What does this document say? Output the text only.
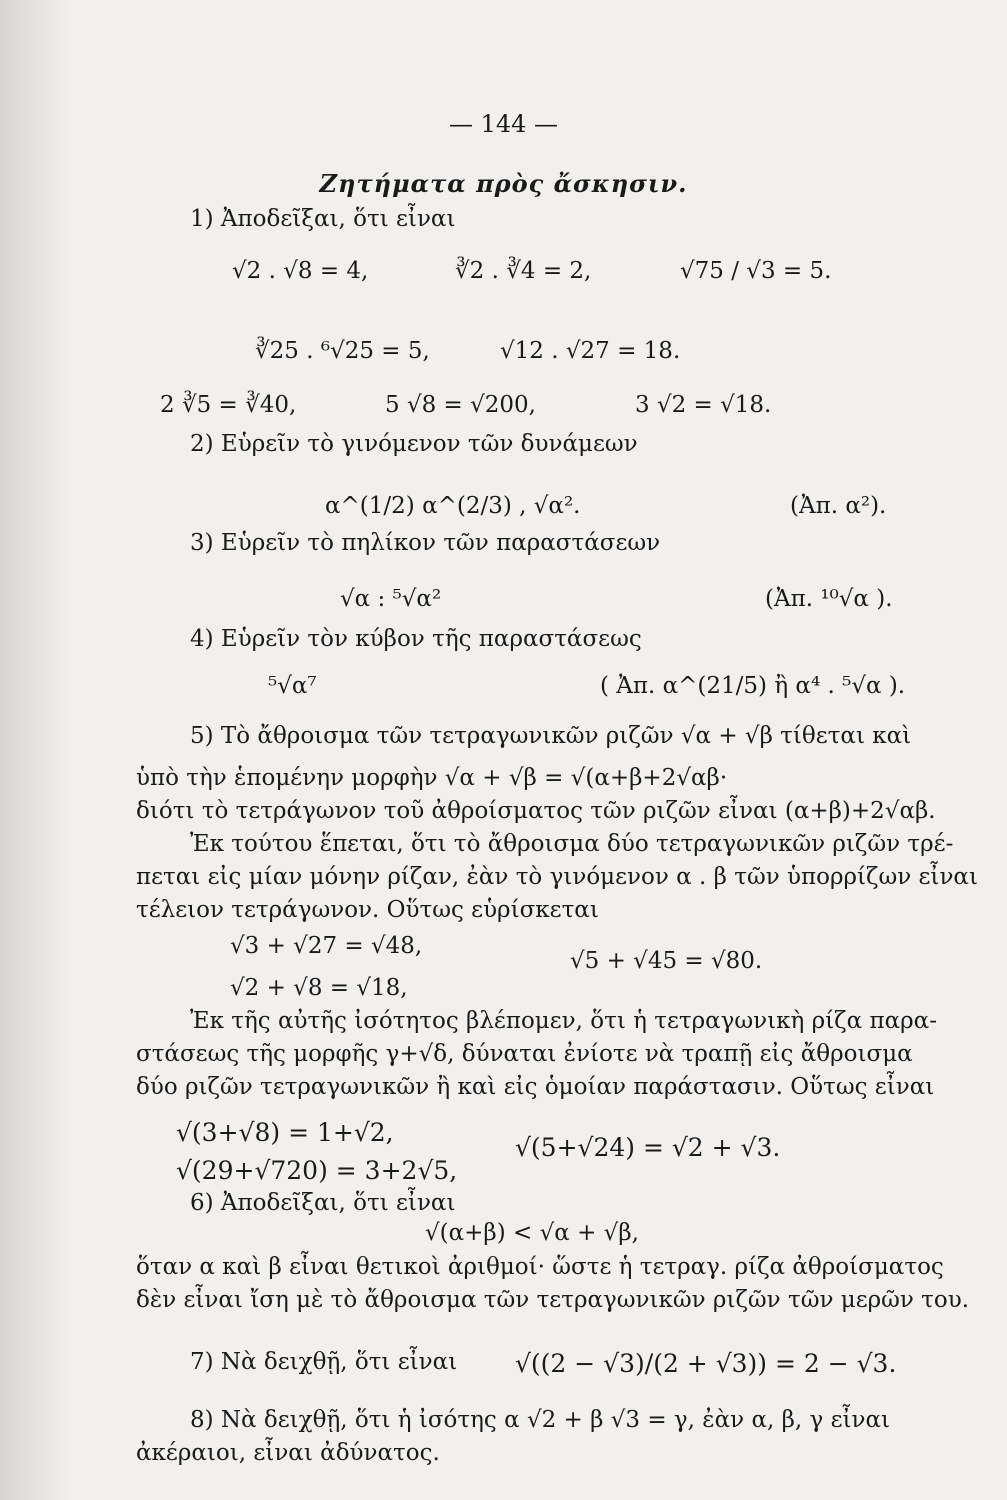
— 144 —
Ζητήματα πρὸς ἄσκησιν.
1) Ἀποδεῖξαι, ὅτι εἶναι
√2 . √8 = 4,	∛2 . ∛4 = 2,	√75 / √3 = 5.
∛25 . ⁶√25 = 5,	√12 . √27 = 18.
2 ∛5 = ∛40,	5 √8 = √200,	3 √2 = √18.
2) Εὑρεῖν τὸ γινόμενον τῶν δυνάμεων
α^(1/2) α^(2/3) , √α².	(Ἀπ. α²).
3) Εὑρεῖν τὸ πηλίκον τῶν παραστάσεων
√α : ⁵√α²	(Ἀπ. ¹⁰√α ).
4) Εὑρεῖν τὸν κύβον τῆς παραστάσεως
⁵√α⁷	( Ἀπ. α^(21/5) ἢ α⁴ . ⁵√α ).
5) Τὸ ἄθροισμα τῶν τετραγωνικῶν ριζῶν √α + √β τίθεται καὶ
ὑπὸ τὴν ἑπομένην μορφὴν √α + √β = √(α+β+2√αβ·
διότι τὸ τετράγωνον τοῦ ἀθροίσματος τῶν ριζῶν εἶναι (α+β)+2√αβ.
Ἐκ τούτου ἕπεται, ὅτι τὸ ἄθροισμα δύο τετραγωνικῶν ριζῶν τρέ-
πεται εἰς μίαν μόνην ρίζαν, ἐὰν τὸ γινόμενον α . β τῶν ὑπορρίζων εἶναι
τέλειον τετράγωνον. Οὕτως εὑρίσκεται
√3 + √27 = √48,
√5 + √45 = √80.
√2 + √8 = √18,
Ἐκ τῆς αὐτῆς ἰσότητος βλέπομεν, ὅτι ἡ τετραγωνικὴ ρίζα παρα-
στάσεως τῆς μορφῆς γ+√δ, δύναται ἐνίοτε νὰ τραπῇ εἰς ἄθροισμα
δύο ριζῶν τετραγωνικῶν ἢ καὶ εἰς ὁμοίαν παράστασιν. Οὕτως εἶναι
√(3+√8) = 1+√2,
√(5+√24) = √2 + √3.
√(29+√720) = 3+2√5,
6) Ἀποδεῖξαι, ὅτι εἶναι
√(α+β) < √α + √β,
ὅταν α καὶ β εἶναι θετικοὶ ἀριθμοί· ὥστε ἡ τετραγ. ρίζα ἀθροίσματος
δὲν εἶναι ἴση μὲ τὸ ἄθροισμα τῶν τετραγωνικῶν ριζῶν τῶν μερῶν του.
7) Νὰ δειχθῇ, ὅτι εἶναι √((2 − √3)/(2 + √3)) = 2 − √3.
8) Νὰ δειχθῇ, ὅτι ἡ ἰσότης α √2 + β √3 = γ, ἐὰν α, β, γ εἶναι
ἀκέραιοι, εἶναι ἀδύνατος.
